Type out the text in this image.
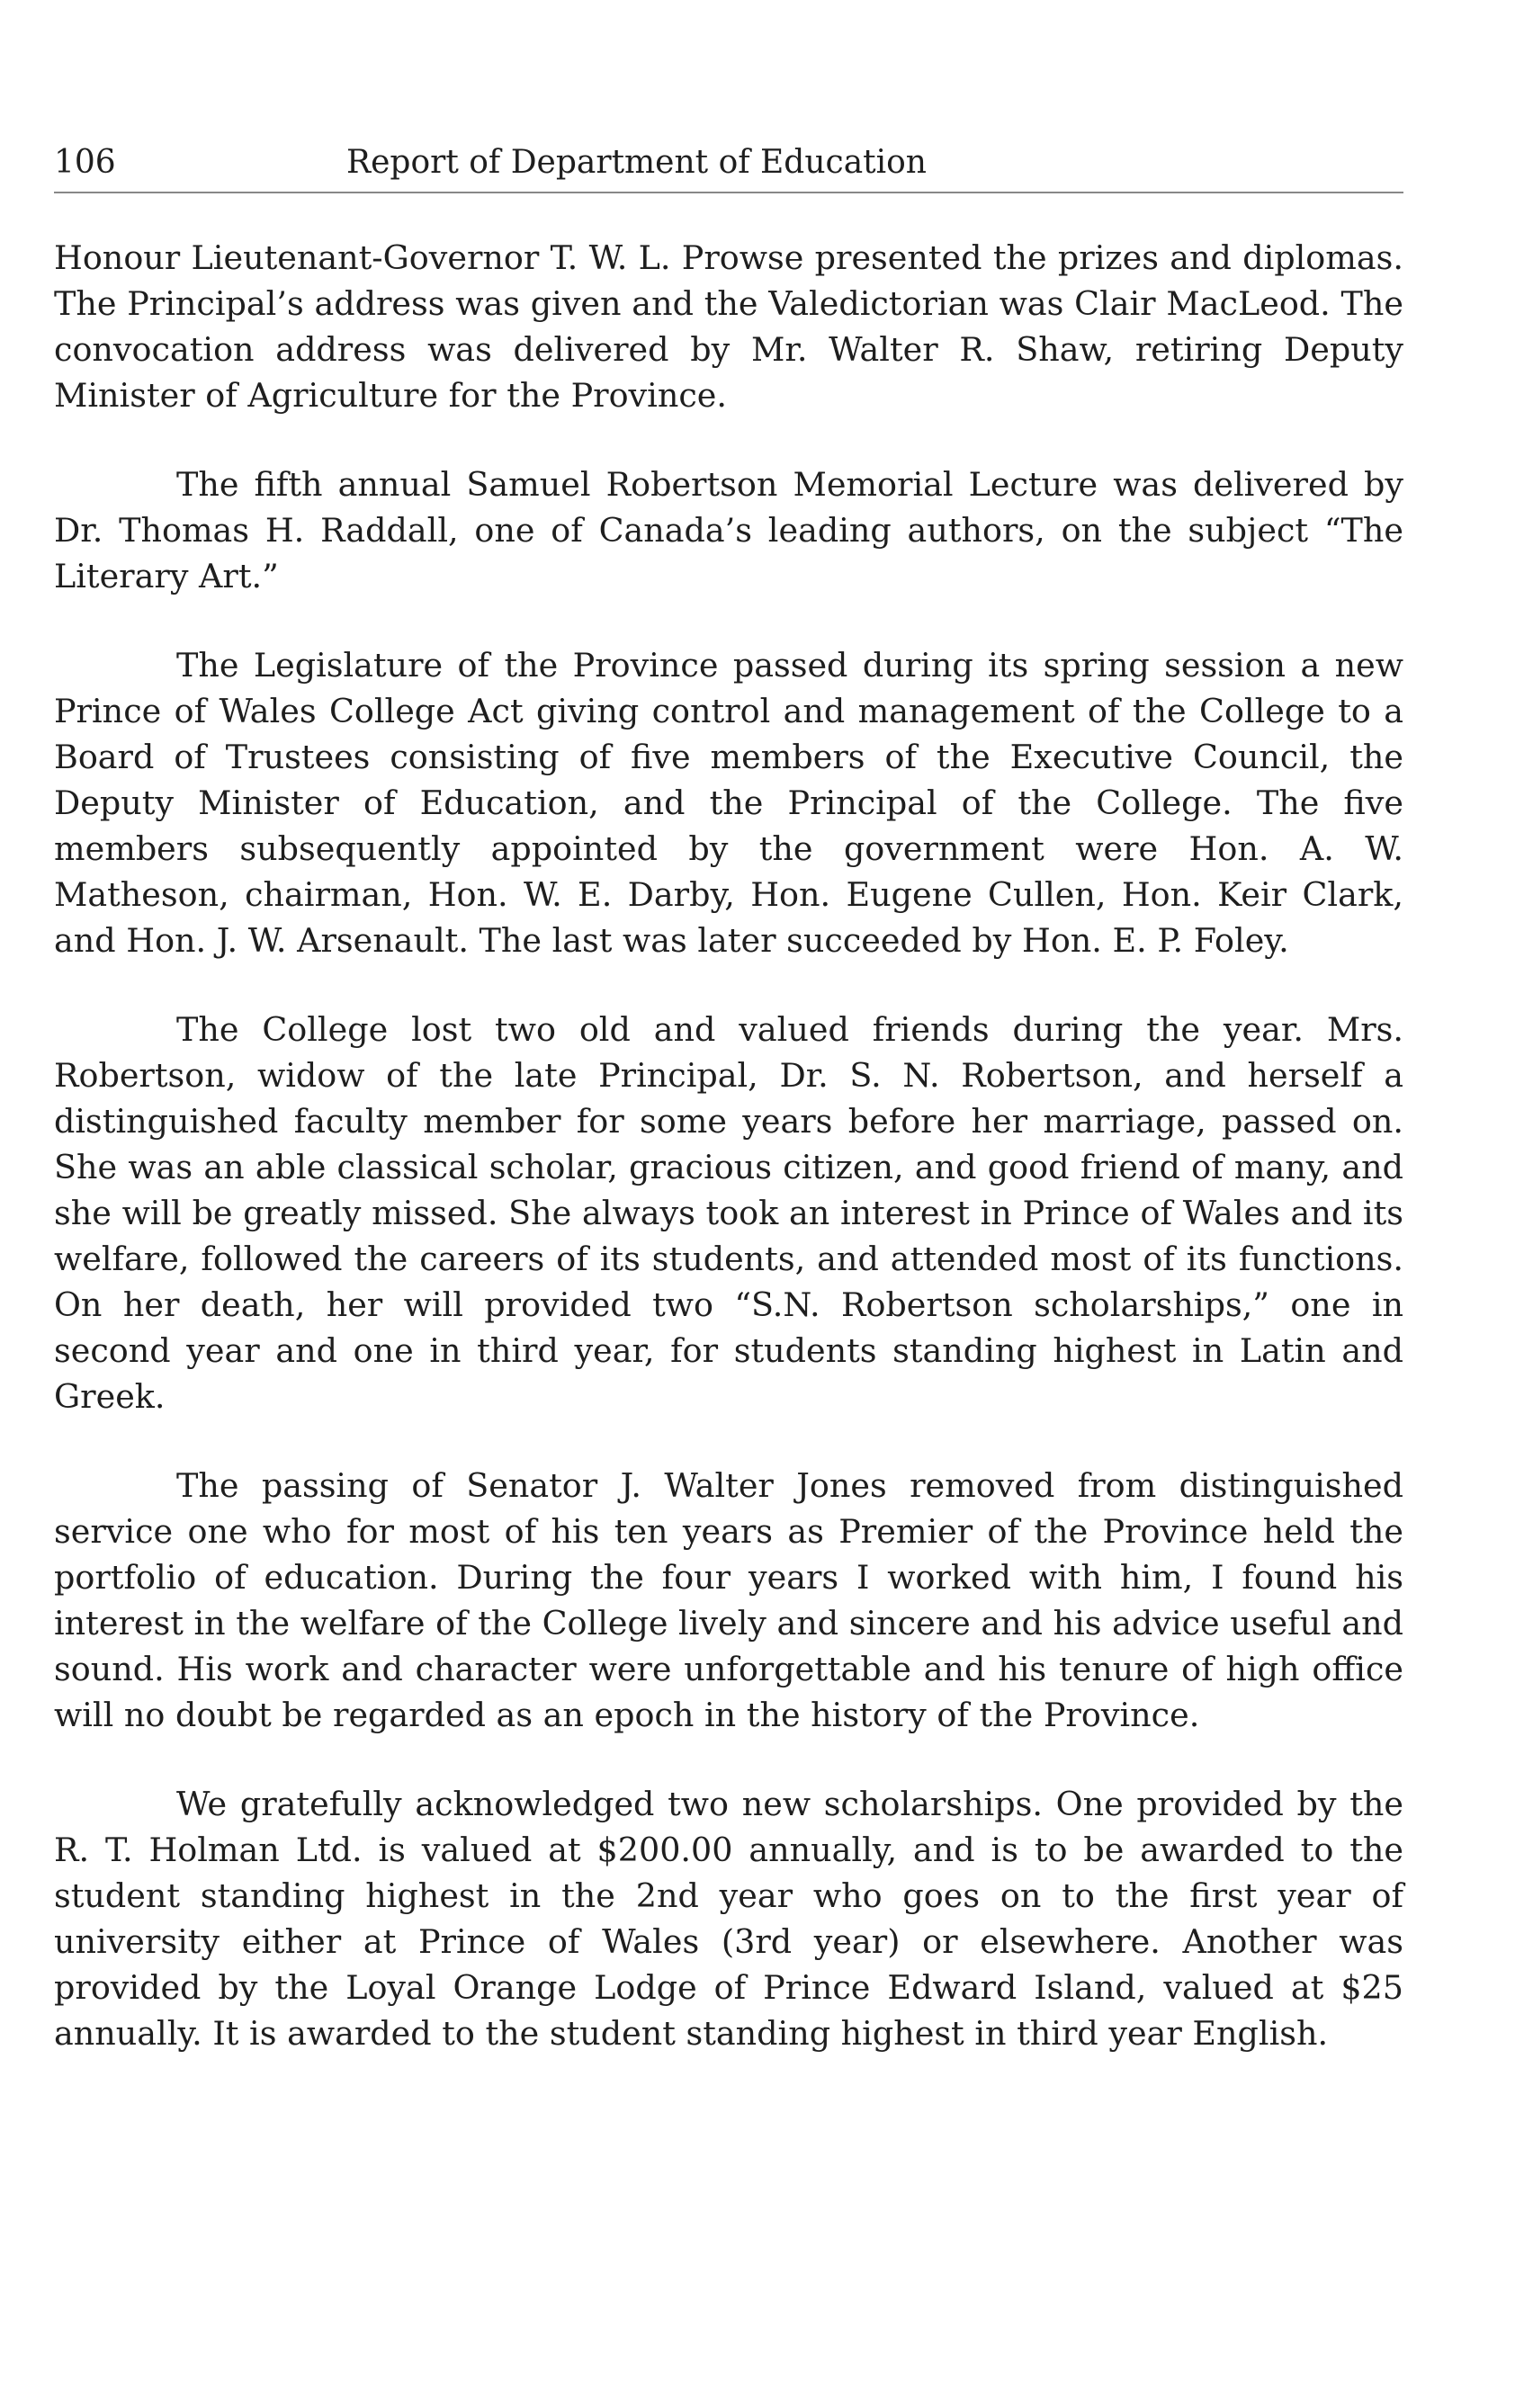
106	Report of Department of Education

Honour Lieutenant-Governor T. W. L. Prowse presented the prizes and diplomas. The Principal’s address was given and the Valedictorian was Clair MacLeod. The convocation address was delivered by Mr. Walter R. Shaw, retiring Deputy Minister of Agriculture for the Province.

The fifth annual Samuel Robertson Memorial Lecture was delivered by Dr. Thomas H. Raddall, one of Canada’s leading authors, on the subject “The Literary Art.”

The Legislature of the Province passed during its spring session a new Prince of Wales College Act giving control and management of the College to a Board of Trustees consisting of five members of the Executive Council, the Deputy Minister of Education, and the Principal of the College. The five members subsequently appointed by the government were Hon. A. W. Matheson, chairman, Hon. W. E. Darby, Hon. Eugene Cullen, Hon. Keir Clark, and Hon. J. W. Arsenault. The last was later succeeded by Hon. E. P. Foley.

The College lost two old and valued friends during the year. Mrs. Robertson, widow of the late Principal, Dr. S. N. Robertson, and herself a distinguished faculty member for some years before her marriage, passed on. She was an able classical scholar, gracious citizen, and good friend of many, and she will be greatly missed. She always took an interest in Prince of Wales and its welfare, followed the careers of its students, and attended most of its functions. On her death, her will provided two “S.N. Robertson scholarships,” one in second year and one in third year, for students standing highest in Latin and Greek.

The passing of Senator J. Walter Jones removed from distinguished service one who for most of his ten years as Premier of the Province held the portfolio of education. During the four years I worked with him, I found his interest in the welfare of the College lively and sincere and his advice useful and sound. His work and character were unforgettable and his tenure of high office will no doubt be regarded as an epoch in the history of the Province.

We gratefully acknowledged two new scholarships. One provided by the R. T. Holman Ltd. is valued at $200.00 annually, and is to be awarded to the student standing highest in the 2nd year who goes on to the first year of university either at Prince of Wales (3rd year) or elsewhere. Another was provided by the Loyal Orange Lodge of Prince Edward Island, valued at $25 annually. It is awarded to the student standing highest in third year English.
